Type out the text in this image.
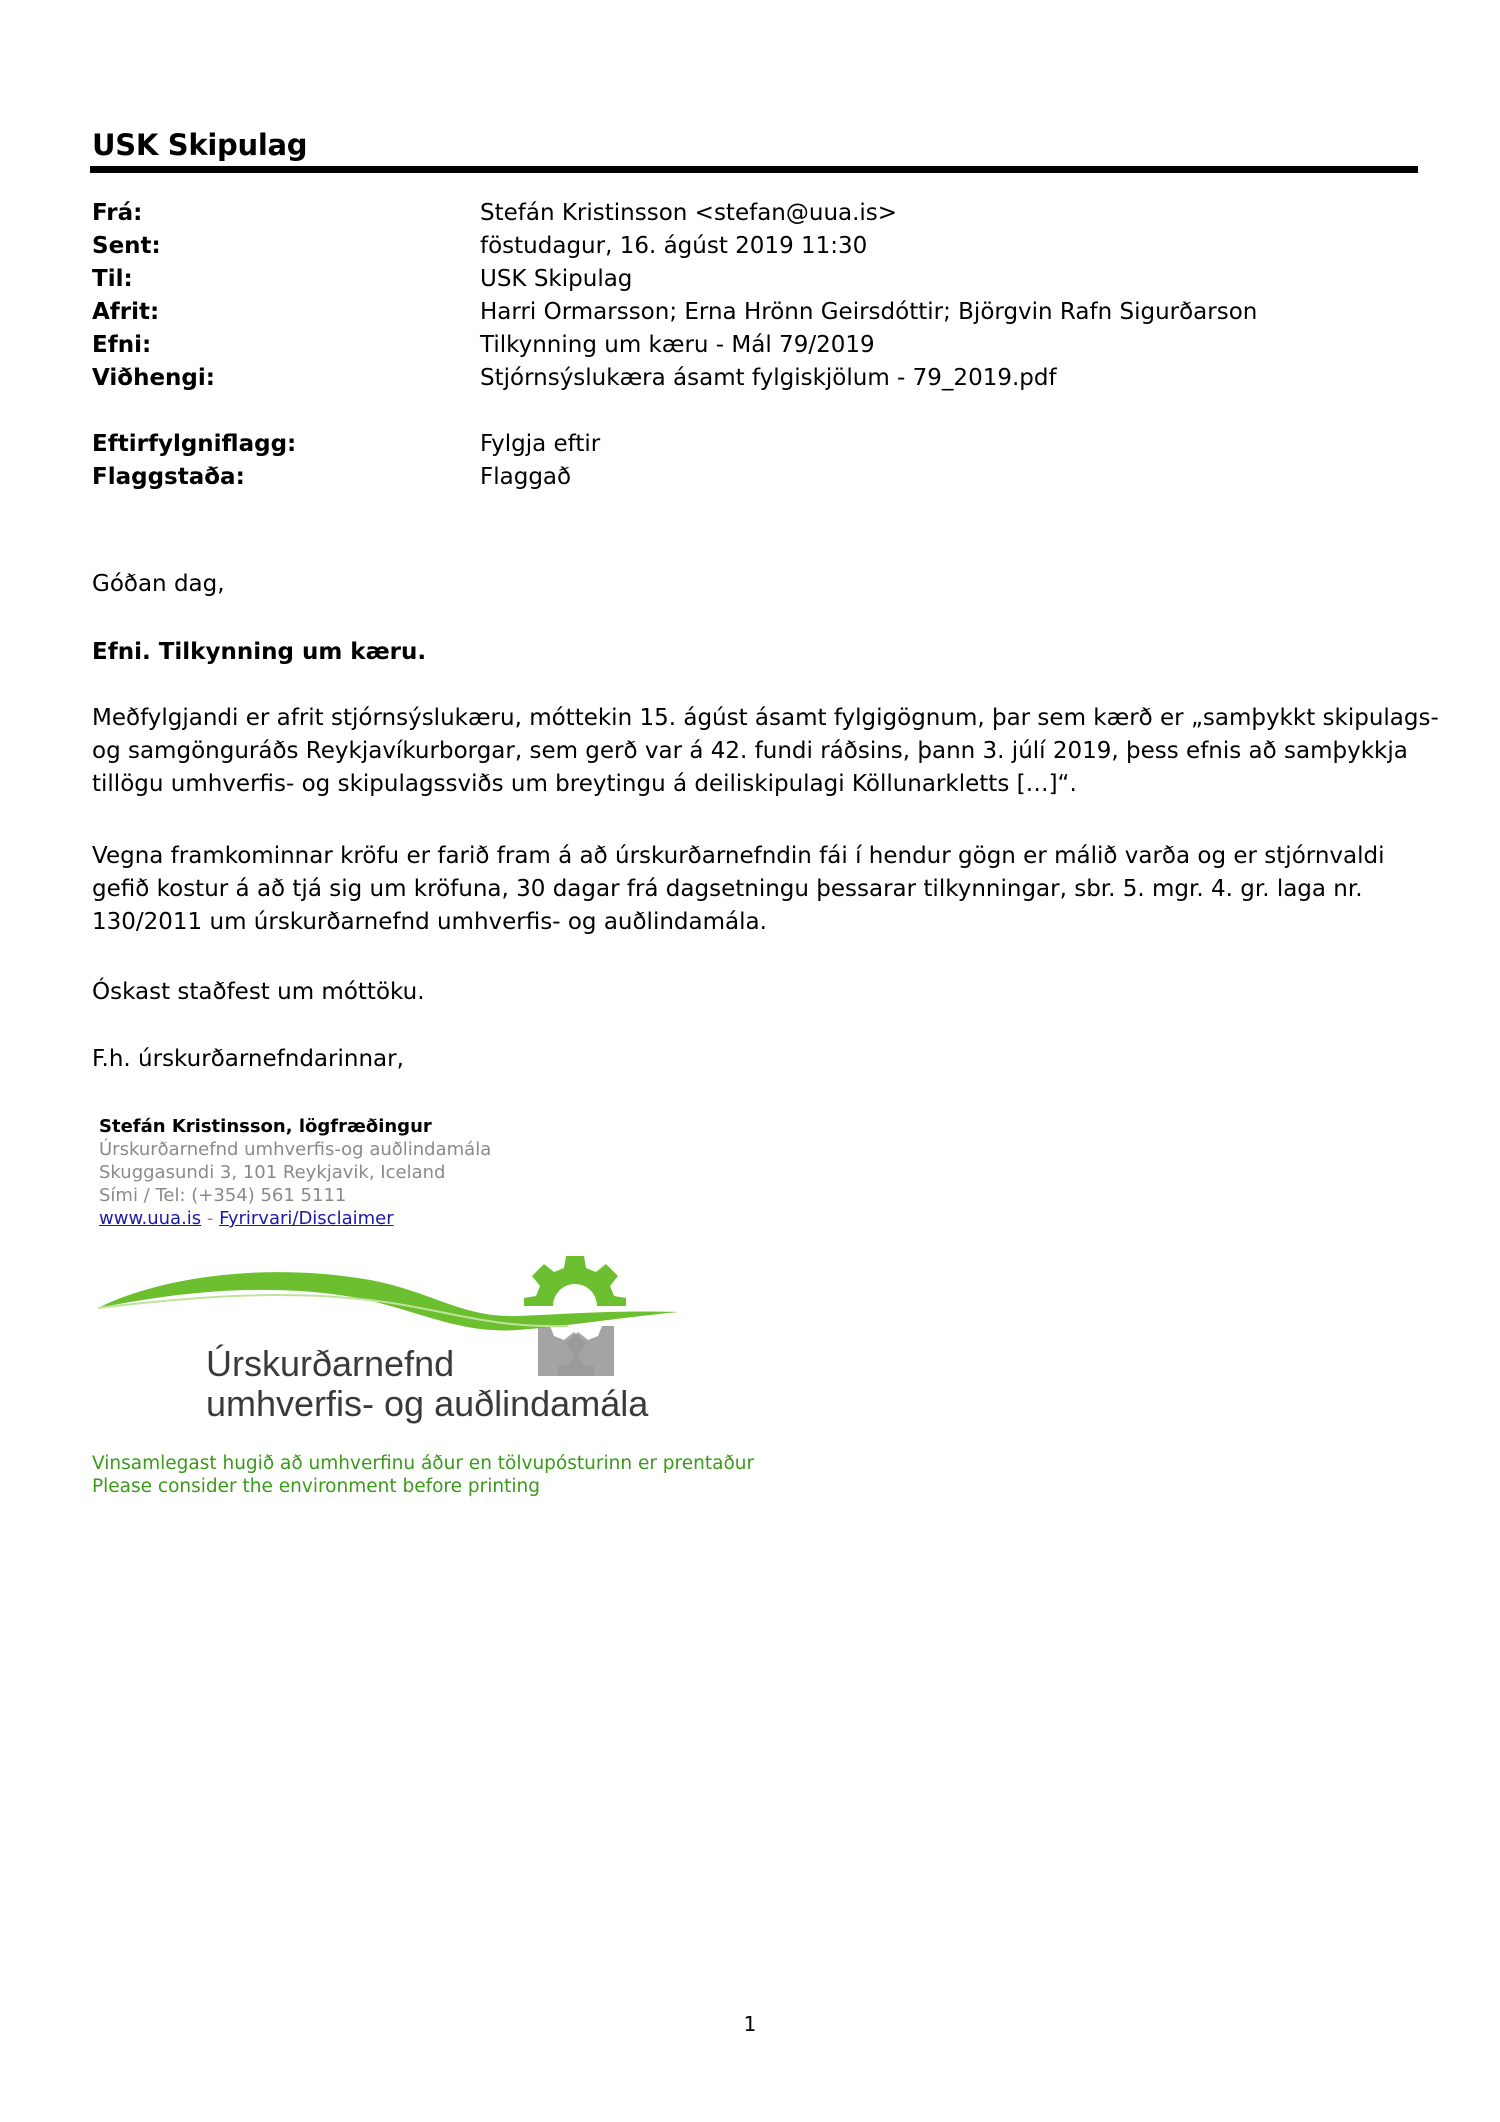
USK Skipulag
Frá:	Stefán Kristinsson <stefan@uua.is>
Sent:	föstudagur, 16. ágúst 2019 11:30
Til:	USK Skipulag
Afrit:	Harri Ormarsson; Erna Hrönn Geirsdóttir; Björgvin Rafn Sigurðarson
Efni:	Tilkynning um kæru - Mál 79/2019
Viðhengi:	Stjórnsýslukæra ásamt fylgiskjölum - 79_2019.pdf
Eftirfylgniflagg:	Fylgja eftir
Flaggstaða:	Flaggað

Góðan dag,

Efni. Tilkynning um kæru.

Meðfylgjandi er afrit stjórnsýslukæru, móttekin 15. ágúst ásamt fylgigögnum, þar sem kærð er „samþykkt skipulags-

og samgönguráðs Reykjavíkurborgar, sem gerð var á 42. fundi ráðsins, þann 3. júlí 2019, þess efnis að samþykkja

tillögu umhverfis- og skipulagssviðs um breytingu á deiliskipulagi Köllunarkletts […]“.

Vegna framkominnar kröfu er farið fram á að úrskurðarnefndin fái í hendur gögn er málið varða og er stjórnvaldi

gefið kostur á að tjá sig um kröfuna, 30 dagar frá dagsetningu þessarar tilkynningar, sbr. 5. mgr. 4. gr. laga nr.

130/2011 um úrskurðarnefnd umhverfis- og auðlindamála.

Óskast staðfest um móttöku.

F.h. úrskurðarnefndarinnar,

Stefán Kristinsson, lögfræðingur
Úrskurðarnefnd umhverfis-og auðlindamála
Skuggasundi 3, 101 Reykjavik, Iceland
Sími / Tel: (+354) 561 5111
www.uua.is - Fyrirvari/Disclaimer
Úrskurðarnefnd
umhverfis- og auðlindamála
Vinsamlegast hugið að umhverfinu áður en tölvupósturinn er prentaður
Please consider the environment before printing
1
